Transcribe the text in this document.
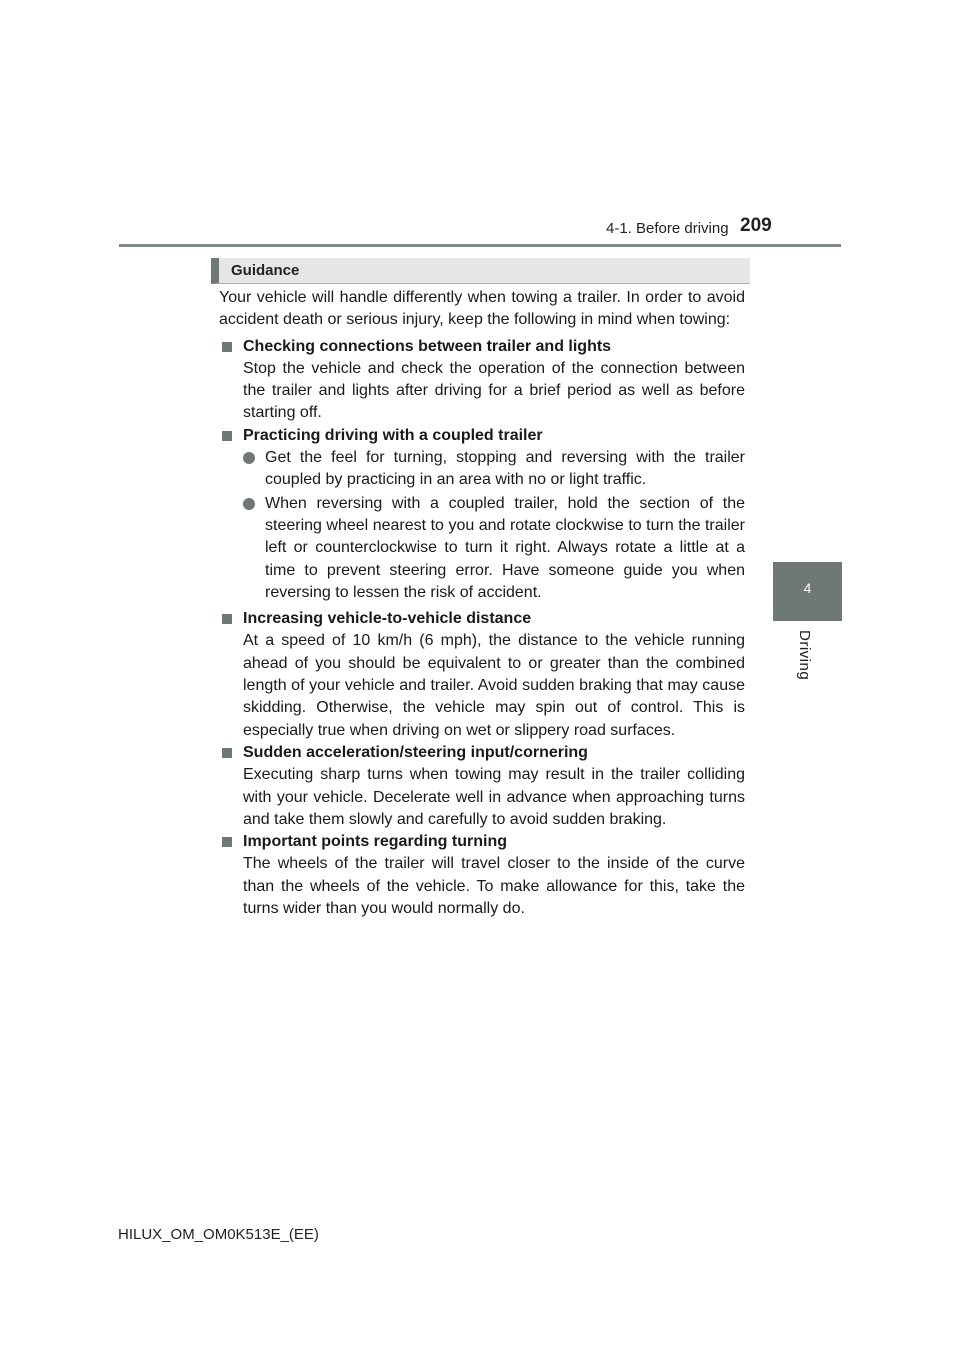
4-1. Before driving 209
4
Driving
Guidance

Your vehicle will handle differently when towing a trailer. In order to avoid accident death or serious injury, keep the following in mind when towing:

Checking connections between trailer and lights

Stop the vehicle and check the operation of the connection between the trailer and lights after driving for a brief period as well as before starting off.

Practicing driving with a coupled trailer

Get the feel for turning, stopping and reversing with the trailer coupled by practicing in an area with no or light traffic.

When reversing with a coupled trailer, hold the section of the steering wheel nearest to you and rotate clockwise to turn the trailer left or counterclockwise to turn it right. Always rotate a little at a time to prevent steering error. Have someone guide you when reversing to lessen the risk of accident.

Increasing vehicle-to-vehicle distance

At a speed of 10 km/h (6 mph), the distance to the vehicle running ahead of you should be equivalent to or greater than the combined length of your vehicle and trailer. Avoid sudden braking that may cause skidding. Otherwise, the vehicle may spin out of control. This is especially true when driving on wet or slippery road surfaces.

Sudden acceleration/steering input/cornering

Executing sharp turns when towing may result in the trailer colliding with your vehicle. Decelerate well in advance when approaching turns and take them slowly and carefully to avoid sudden braking.

Important points regarding turning

The wheels of the trailer will travel closer to the inside of the curve than the wheels of the vehicle. To make allowance for this, take the turns wider than you would normally do.

HILUX_OM_OM0K513E_(EE)
